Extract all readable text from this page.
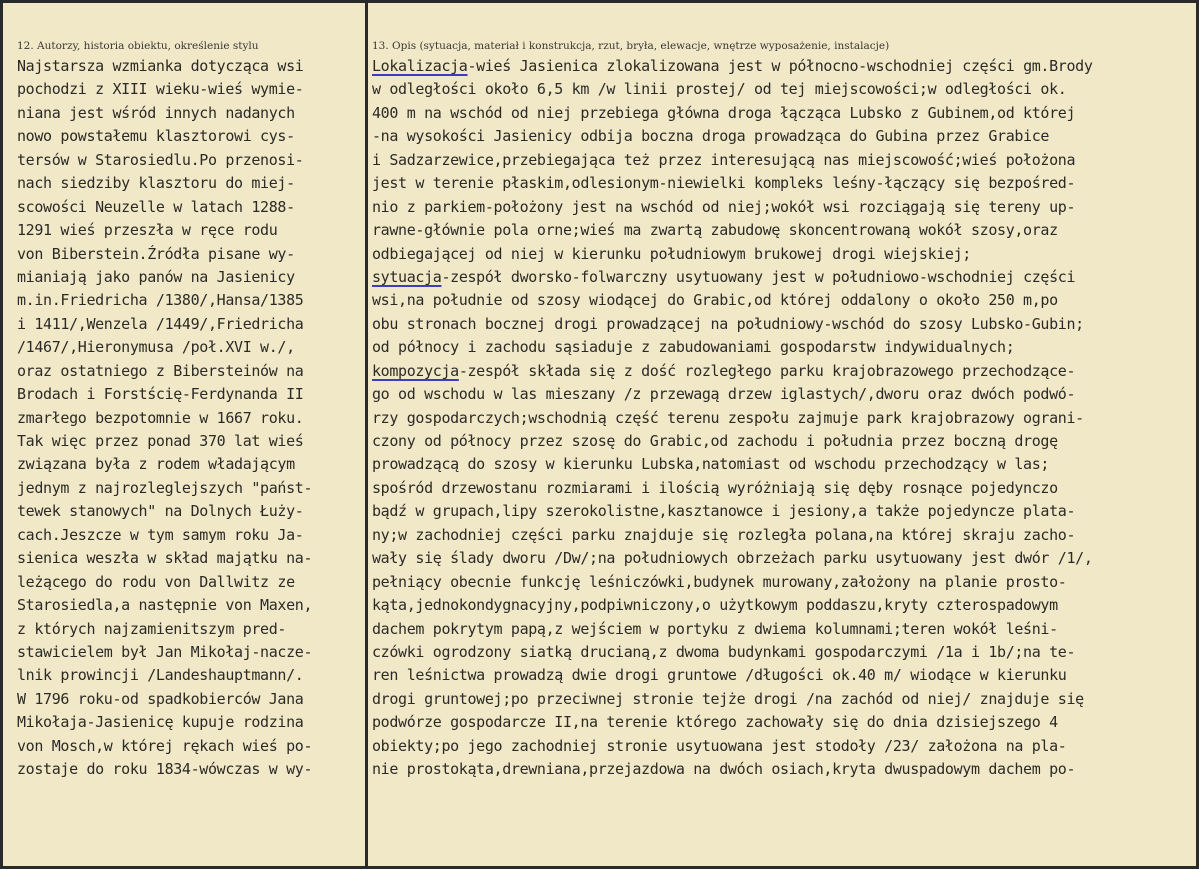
12. Autorzy, historia obiektu, określenie stylu
Najstarsza wzmianka dotycząca wsi
pochodzi z XIII wieku-wieś wymie-
niana jest wśród innych nadanych
nowo powstałemu klasztorowi cys-
tersów w Starosiedlu.Po przenosi-
nach siedziby klasztoru do miej-
scowości Neuzelle w latach 1288-
1291 wieś przeszła w ręce rodu
von Biberstein.Źródła pisane wy-
mianiają jako panów na Jasienicy
m.in.Friedricha /1380/,Hansa/1385
i 1411/,Wenzela /1449/,Friedricha
/1467/,Hieronymusa /poł.XVI w./,
oraz ostatniego z Bibersteinów na
Brodach i Forstścię-Ferdynanda II
zmarłego bezpotomnie w 1667 roku.
Tak więc przez ponad 370 lat wieś
związana była z rodem władającym
jednym z najrozleglejszych "państ-
tewek stanowych" na Dolnych Łuży-
cach.Jeszcze w tym samym roku Ja-
sienica weszła w skład majątku na-
leżącego do rodu von Dallwitz ze
Starosiedla,a następnie von Maxen,
z których najzamienitszym pred-
stawicielem był Jan Mikołaj-nacze-
lnik prowincji /Landeshauptmann/.
W 1796 roku-od spadkobierców Jana
Mikołaja-Jasienicę kupuje rodzina
von Mosch,w której rękach wieś po-
zostaje do roku 1834-wówczas w wy-
13. Opis (sytuacja, materiał i konstrukcja, rzut, bryła, elewacje, wnętrze wyposażenie, instalacje)
Lokalizacja-wieś Jasienica zlokalizowana jest w północno-wschodniej części gm.Brody
w odległości około 6,5 km /w linii prostej/ od tej miejscowości;w odległości ok.
400 m na wschód od niej przebiega główna droga łącząca Lubsko z Gubinem,od której
-na wysokości Jasienicy odbija boczna droga prowadząca do Gubina przez Grabice
i Sadzarzewice,przebiegająca też przez interesującą nas miejscowość;wieś położona
jest w terenie płaskim,odlesionym-niewielki kompleks leśny-łączący się bezpośred-
nio z parkiem-położony jest na wschód od niej;wokół wsi rozciągają się tereny up-
rawne-głównie pola orne;wieś ma zwartą zabudowę skoncentrowaną wokół szosy,oraz
odbiegającej od niej w kierunku południowym brukowej drogi wiejskiej;
sytuacja-zespół dworsko-folwarczny usytuowany jest w południowo-wschodniej części
wsi,na południe od szosy wiodącej do Grabic,od której oddalony o około 250 m,po
obu stronach bocznej drogi prowadzącej na południowy-wschód do szosy Lubsko-Gubin;
od północy i zachodu sąsiaduje z zabudowaniami gospodarstw indywidualnych;
kompozycja-zespół składa się z dość rozległego parku krajobrazowego przechodzące-
go od wschodu w las mieszany /z przewagą drzew iglastych/,dworu oraz dwóch podwó-
rzy gospodarczych;wschodnią część terenu zespołu zajmuje park krajobrazowy ograni-
czony od północy przez szosę do Grabic,od zachodu i południa przez boczną drogę
prowadzącą do szosy w kierunku Lubska,natomiast od wschodu przechodzący w las;
spośród drzewostanu rozmiarami i ilością wyróżniają się dęby rosnące pojedynczo
bądź w grupach,lipy szerokolistne,kasztanowce i jesiony,a także pojedyncze plata-
ny;w zachodniej części parku znajduje się rozległa polana,na której skraju zacho-
wały się ślady dworu /Dw/;na południowych obrzeżach parku usytuowany jest dwór /1/,
pełniący obecnie funkcję leśniczówki,budynek murowany,założony na planie prosto-
kąta,jednokondygnacyjny,podpiwniczony,o użytkowym poddaszu,kryty czterospadowym
dachem pokrytym papą,z wejściem w portyku z dwiema kolumnami;teren wokół leśni-
czówki ogrodzony siatką drucianą,z dwoma budynkami gospodarczymi /1a i 1b/;na te-
ren leśnictwa prowadzą dwie drogi gruntowe /długości ok.40 m/ wiodące w kierunku
drogi gruntowej;po przeciwnej stronie tejże drogi /na zachód od niej/ znajduje się
podwórze gospodarcze II,na terenie którego zachowały się do dnia dzisiejszego 4
obiekty;po jego zachodniej stronie usytuowana jest stodoły /23/ założona na pla-
nie prostokąta,drewniana,przejazdowa na dwóch osiach,kryta dwuspadowym dachem po-
